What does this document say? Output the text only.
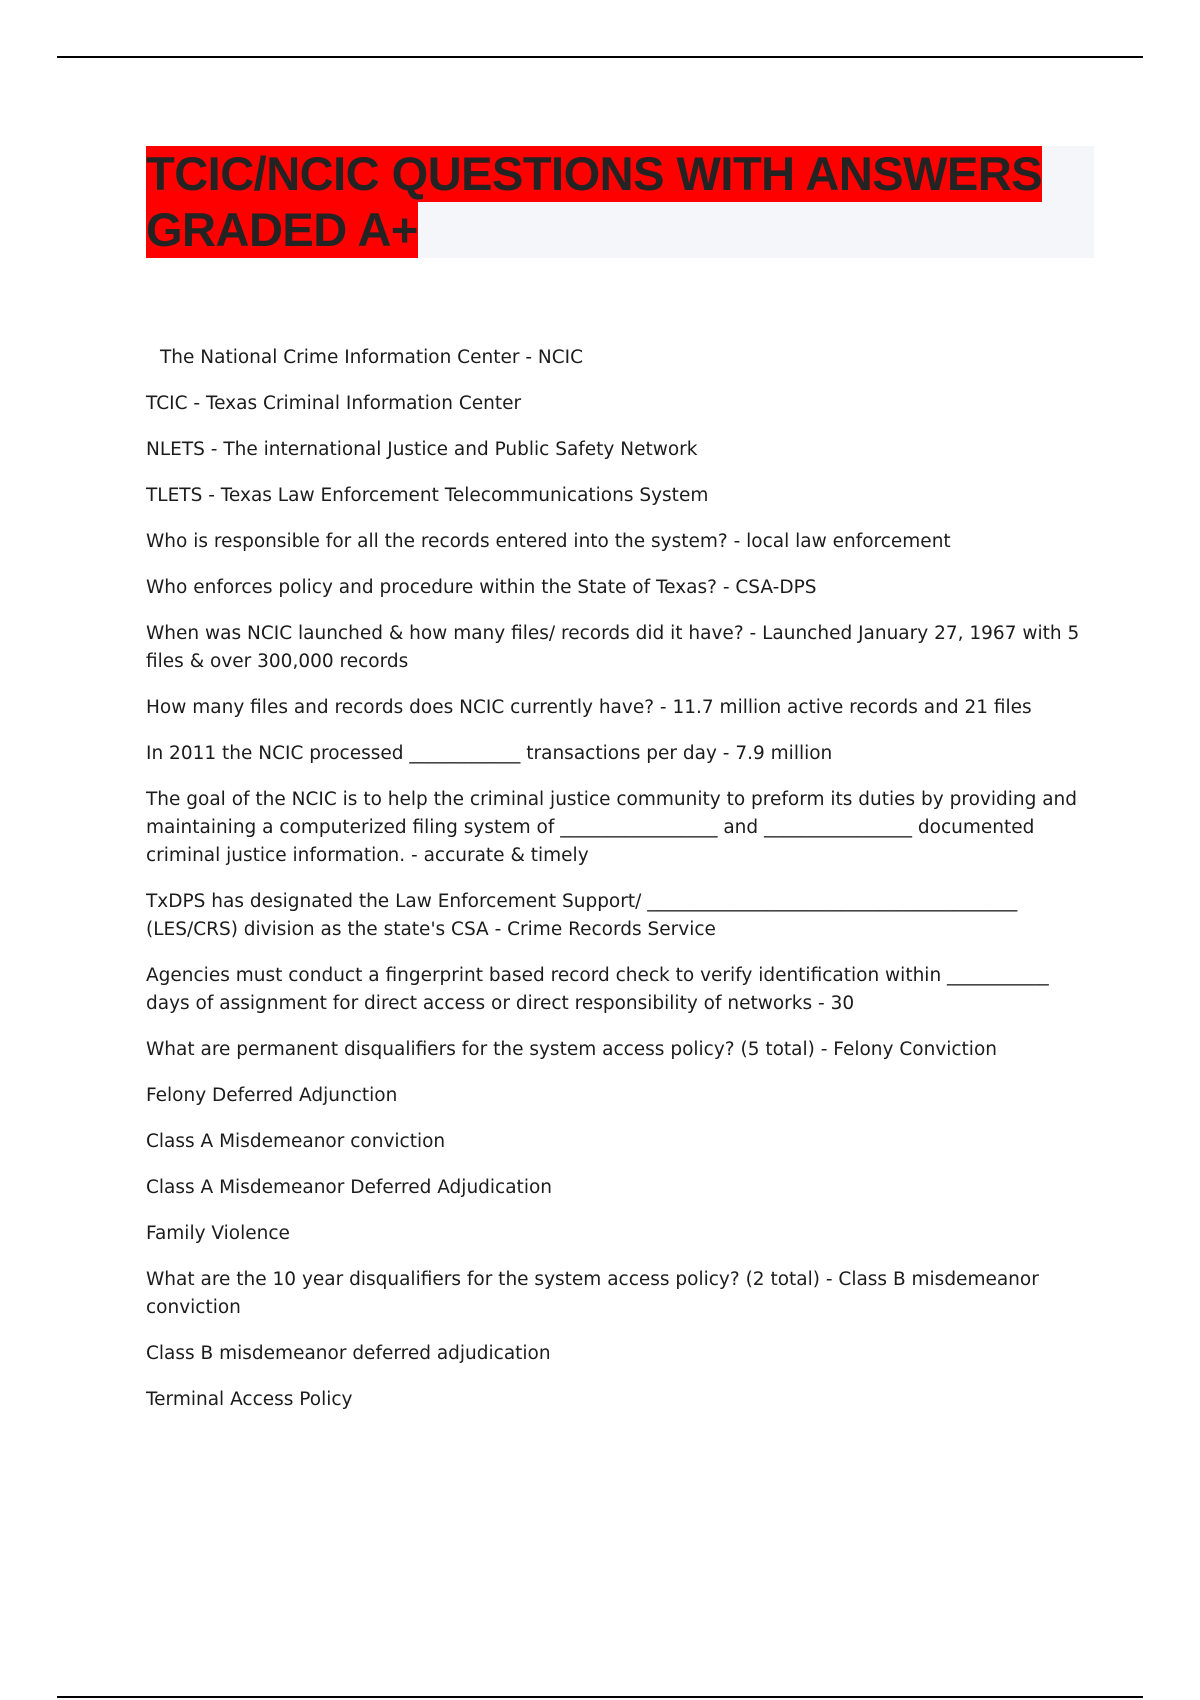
TCIC/NCIC QUESTIONS WITH ANSWERS
GRADED A+

The National Crime Information Center - NCIC

TCIC - Texas Criminal Information Center

NLETS - The international Justice and Public Safety Network

TLETS - Texas Law Enforcement Telecommunications System

Who is responsible for all the records entered into the system? - local law enforcement

Who enforces policy and procedure within the State of Texas? - CSA-DPS

When was NCIC launched & how many files/ records did it have? - Launched January 27, 1967 with 5 files & over 300,000 records

How many files and records does NCIC currently have? - 11.7 million active records and 21 files

In 2011 the NCIC processed ____________ transactions per day - 7.9 million

The goal of the NCIC is to help the criminal justice community to preform its duties by providing and maintaining a computerized filing system of _________________ and ________________ documented criminal justice information. - accurate & timely

TxDPS has designated the Law Enforcement Support/ ________________________________________ (LES/CRS) division as the state's CSA - Crime Records Service

Agencies must conduct a fingerprint based record check to verify identification within ___________ days of assignment for direct access or direct responsibility of networks - 30

What are permanent disqualifiers for the system access policy? (5 total) - Felony Conviction

Felony Deferred Adjunction

Class A Misdemeanor conviction

Class A Misdemeanor Deferred Adjudication

Family Violence

What are the 10 year disqualifiers for the system access policy? (2 total) - Class B misdemeanor conviction

Class B misdemeanor deferred adjudication

Terminal Access Policy
